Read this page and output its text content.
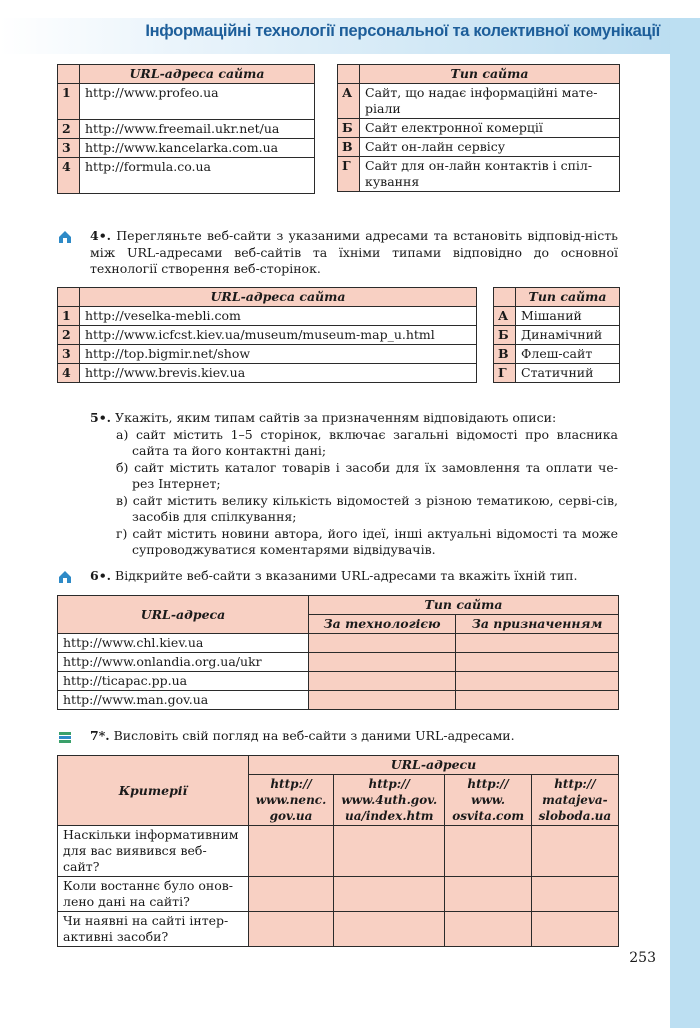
Інформаційні технології персональної та колективної комунікації
	URL-адреса сайта
1	http://www.profeo.ua
2	http://www.freemail.ukr.net/ua
3	http://www.kancelarka.com.ua
4	http://formula.co.ua
	Тип сайта
А	Сайт, що надає інформаційні мате-
ріали
Б	Сайт електронної комерції
В	Сайт он-лайн сервісу
Г	Сайт для он-лайн контактів і спіл-
кування
4•. Перегляньте веб-сайти з указаними адресами та встановіть відповід-ність між URL-адресами веб-сайтів та їхніми типами відповідно до основної технології створення веб-сторінок.
	URL-адреса сайта
1	http://veselka-mebli.com
2	http://www.icfcst.kiev.ua/museum/museum-map_u.html
3	http://top.bigmir.net/show
4	http://www.brevis.kiev.ua
	Тип сайта
А	Мішаний
Б	Динамічний
В	Флеш-сайт
Г	Статичний
5•. Укажіть, яким типам сайтів за призначенням відповідають описи:
а) сайт містить 1–5 сторінок, включає загальні відомості про власника сайта та його контактні дані;
б) сайт містить каталог товарів і засоби для їх замовлення та оплати че-рез Інтернет;
в) сайт містить велику кількість відомостей з різною тематикою, серві-сів, засобів для спілкування;
г) сайт містить новини автора, його ідеї, інші актуальні відомості та може супроводжуватися коментарями відвідувачів.
6•. Відкрийте веб-сайти з вказаними URL-адресами та вкажіть їхній тип.
URL-адреса	Тип сайта	
	За технологією	За призначенням
http://www.chl.kiev.ua		
http://www.onlandia.org.ua/ukr		
http://ticapac.pp.ua		
http://www.man.gov.ua		
7*. Висловіть свій погляд на веб-сайти з даними URL-адресами.
Критерії	URL-адреси			
	http://
www.nenc.
gov.ua	http://
www.4uth.gov.
ua/index.htm	http://
www.
osvita.com	http://
matajeva-
sloboda.ua
Наскільки інформативним для вас виявився веб-сайт?				
Коли востаннє було онов-лено дані на сайті?				
Чи наявні на сайті інтер-активні засоби?				
253
